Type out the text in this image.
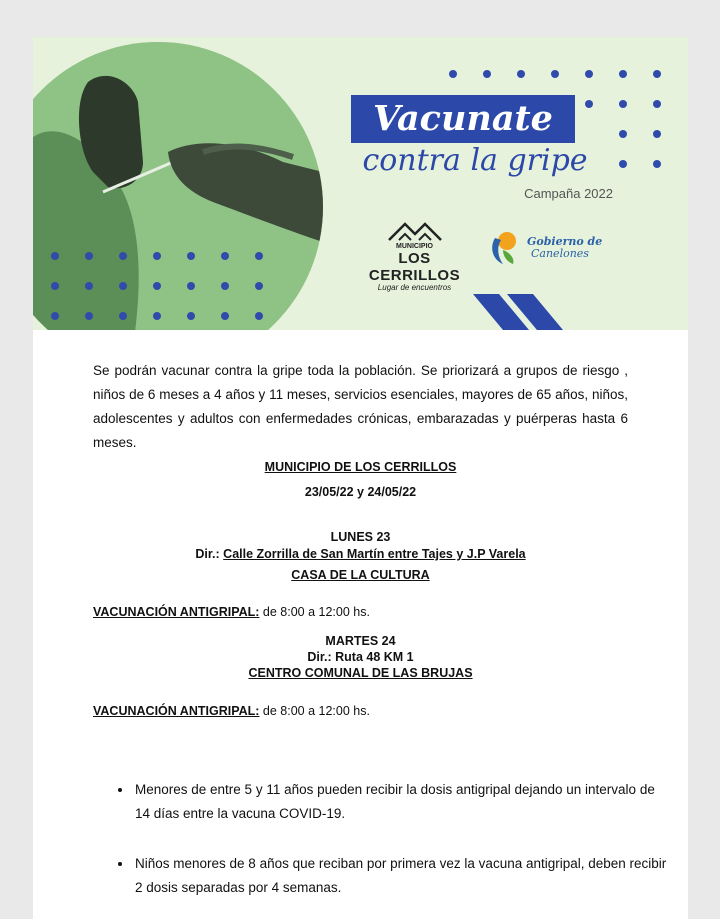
Vacunate
contra la gripe
Campaña 2022
MUNICIPIO
LOS CERRILLOS
Lugar de encuentros
Gobierno de
Canelones
Se podrán vacunar contra la gripe toda la población. Se priorizará a grupos de riesgo , niños de 6 meses a 4 años y 11 meses, servicios esenciales, mayores de 65 años, niños, adolescentes y adultos con enfermedades crónicas, embarazadas y puérperas hasta 6 meses.
MUNICIPIO DE LOS CERRILLOS
23/05/22 y 24/05/22
LUNES 23
Dir.: Calle Zorrilla de San Martín entre Tajes y J.P Varela
CASA DE LA CULTURA
VACUNACIÓN ANTIGRIPAL: de 8:00 a 12:00 hs.
MARTES 24
Dir.: Ruta 48 KM 1
CENTRO COMUNAL DE LAS BRUJAS
VACUNACIÓN ANTIGRIPAL: de 8:00 a 12:00 hs.
• Menores de entre 5 y 11 años pueden recibir la dosis antigripal dejando un intervalo de 14 días entre la vacuna COVID-19.
• Niños menores de 8 años que reciban por primera vez la vacuna antigripal, deben recibir 2 dosis separadas por 4 semanas.
